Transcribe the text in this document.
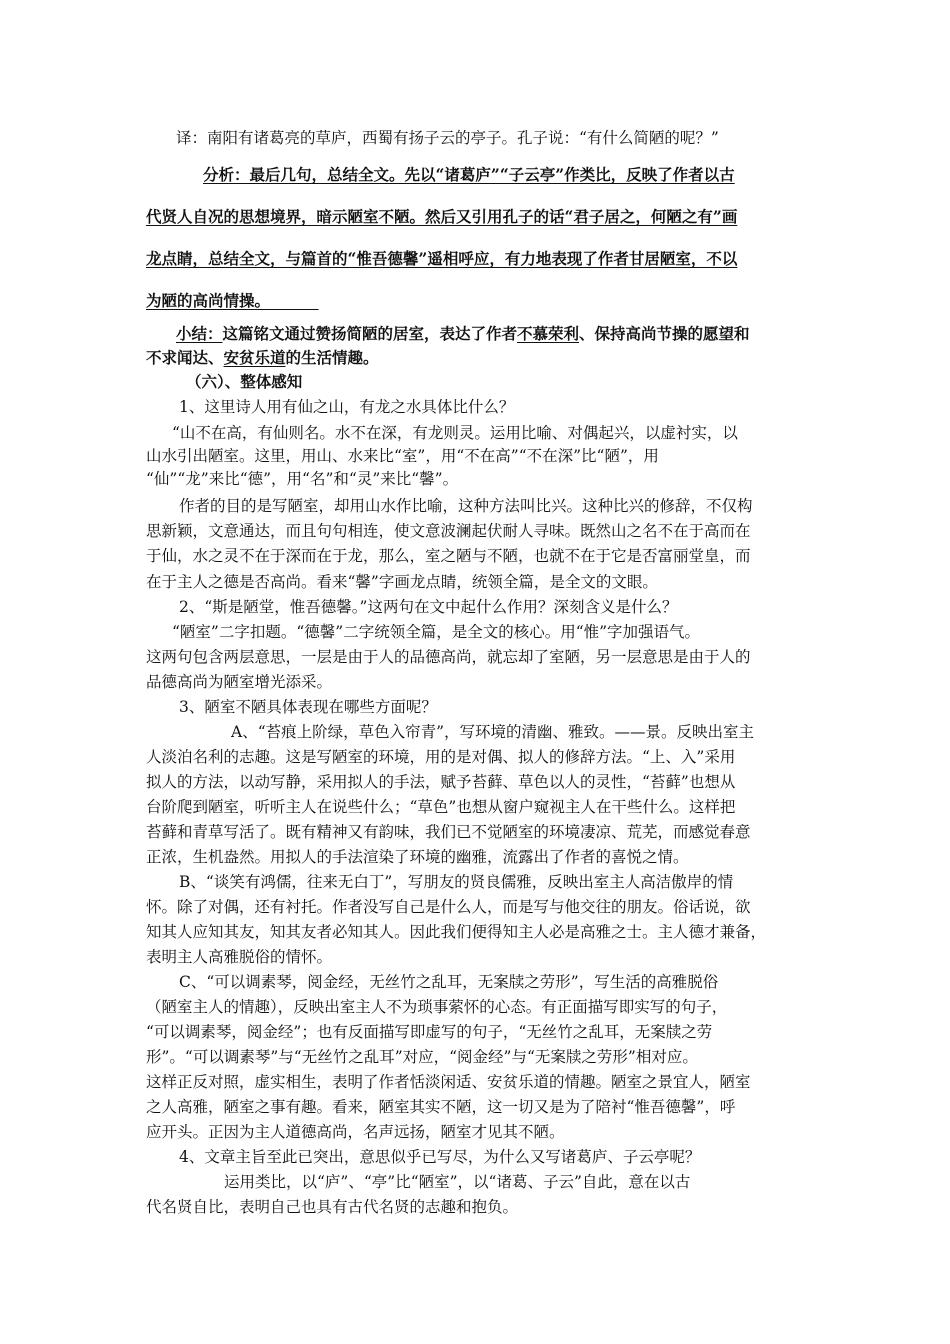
译：南阳有诸葛亮的草庐，西蜀有扬子云的亭子。孔子说：“有什么简陋的呢？”
分析：最后几句，总结全文。先以“诸葛庐”“子云亭”作类比，反映了作者以古
代贤人自况的思想境界，暗示陋室不陋。然后又引用孔子的话“君子居之，何陋之有”画
龙点睛，总结全文，与篇首的“惟吾德馨”遥相呼应，有力地表现了作者甘居陋室，不以
为陋的高尚情操。
小结：这篇铭文通过赞扬简陋的居室，表达了作者不慕荣利、保持高尚节操的愿望和
不求闻达、安贫乐道的生活情趣。
（六）、整体感知
1、这里诗人用有仙之山，有龙之水具体比什么？
“山不在高，有仙则名。水不在深，有龙则灵。运用比喻、对偶起兴，以虚衬实，以
山水引出陋室。这里，用山、水来比“室”，用“不在高”“不在深”比“陋”，用
“仙”“龙”来比“德”，用“名”和“灵”来比“馨”。
作者的目的是写陋室，却用山水作比喻，这种方法叫比兴。这种比兴的修辞，不仅构
思新颖，文意通达，而且句句相连，使文意波澜起伏耐人寻味。既然山之名不在于高而在
于仙，水之灵不在于深而在于龙，那么，室之陋与不陋，也就不在于它是否富丽堂皇，而
在于主人之德是否高尚。看来“馨”字画龙点睛，统领全篇，是全文的文眼。
2、“斯是陋堂，惟吾德馨。”这两句在文中起什么作用？深刻含义是什么？
“陋室”二字扣题。“德馨”二字统领全篇，是全文的核心。用“惟”字加强语气。
这两句包含两层意思，一层是由于人的品德高尚，就忘却了室陋，另一层意思是由于人的
品德高尚为陋室增光添采。
3、陋室不陋具体表现在哪些方面呢？
A、“苔痕上阶绿，草色入帘青”，写环境的清幽、雅致。——景。反映出室主
人淡泊名利的志趣。这是写陋室的环境，用的是对偶、拟人的修辞方法。“上、入”采用
拟人的方法，以动写静，采用拟人的手法，赋予苔藓、草色以人的灵性，“苔藓”也想从
台阶爬到陋室，听听主人在说些什么；“草色”也想从窗户窥视主人在干些什么。这样把
苔藓和青草写活了。既有精神又有韵味，我们已不觉陋室的环境凄凉、荒芜，而感觉春意
正浓，生机盎然。用拟人的手法渲染了环境的幽雅，流露出了作者的喜悦之情。
B、“谈笑有鸿儒，往来无白丁”，写朋友的贤良儒雅，反映出室主人高洁傲岸的情
怀。除了对偶，还有衬托。作者没写自己是什么人，而是写与他交往的朋友。俗话说，欲
知其人应知其友，知其友者必知其人。因此我们便得知主人必是高雅之士。主人德才兼备，
表明主人高雅脱俗的情怀。
C、“可以调素琴，阅金经，无丝竹之乱耳，无案牍之劳形”，写生活的高雅脱俗
（陋室主人的情趣），反映出室主人不为琐事萦怀的心态。有正面描写即实写的句子，
“可以调素琴，阅金经”；也有反面描写即虚写的句子，“无丝竹之乱耳，无案牍之劳
形”。“可以调素琴”与“无丝竹之乱耳”对应，“阅金经”与“无案牍之劳形”相对应。
这样正反对照，虚实相生，表明了作者恬淡闲适、安贫乐道的情趣。陋室之景宜人，陋室
之人高雅，陋室之事有趣。看来，陋室其实不陋，这一切又是为了陪衬“惟吾德馨”，呼
应开头。正因为主人道德高尚，名声远扬，陋室才见其不陋。
4、文章主旨至此已突出，意思似乎已写尽，为什么又写诸葛庐、子云亭呢？
运用类比，以“庐”、“亭”比“陋室”，以“诸葛、子云”自此，意在以古
代名贤自比，表明自己也具有古代名贤的志趣和抱负。
